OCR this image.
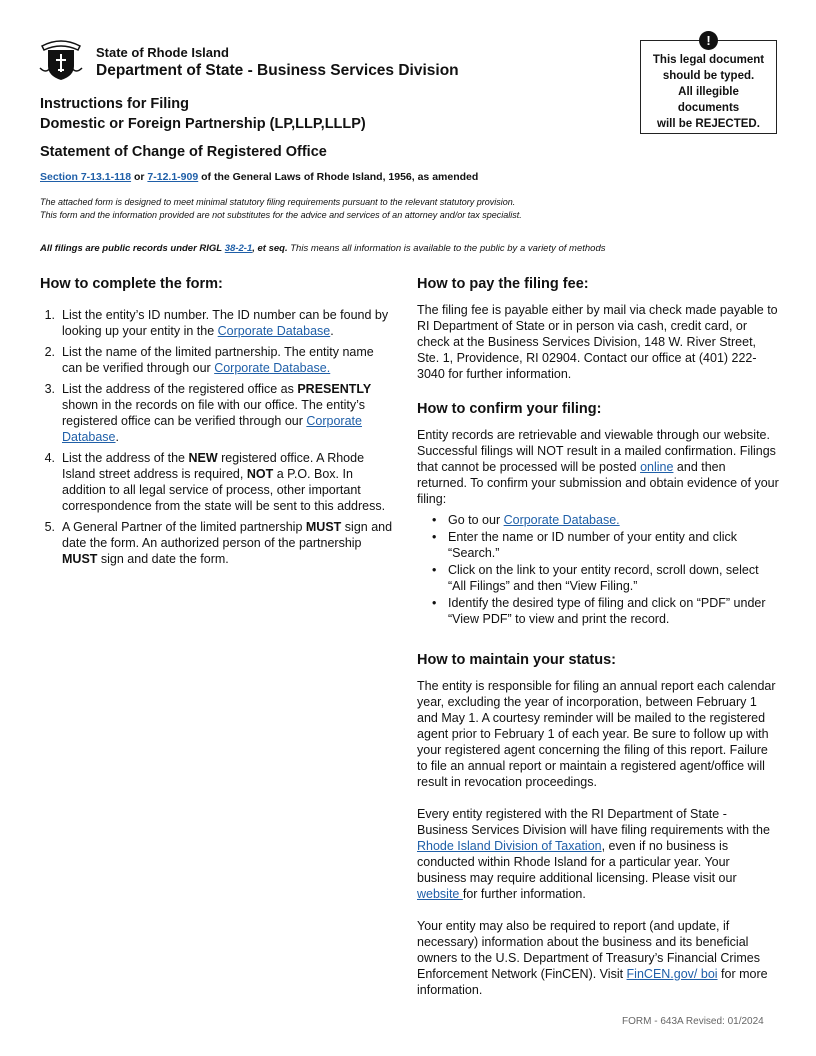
State of Rhode Island
Department of State - Business Services Division
!
This legal document
should be typed.
All illegible
documents
will be REJECTED.
Instructions for Filing
Domestic or Foreign Partnership (LP,LLP,LLLP)
Statement of Change of Registered Office
Section 7-13.1-118 or 7-12.1-909 of the General Laws of Rhode Island, 1956, as amended
The attached form is designed to meet minimal statutory filing requirements pursuant to the relevant statutory provision.
This form and the information provided are not substitutes for the advice and services of an attorney and/or tax specialist.
All filings are public records under RIGL 38-2-1, et seq. This means all information is available to the public by a variety of methods
How to complete the form:
1. List the entity’s ID number. The ID number can be found by looking up your entity in the Corporate Database.
2. List the name of the limited partnership. The entity name can be verified through our Corporate Database.
3. List the address of the registered office as PRESENTLY shown in the records on file with our office. The entity’s registered office can be verified through our Corporate Database.
4. List the address of the NEW registered office. A Rhode Island street address is required, NOT a P.O. Box. In addition to all legal service of process, other important correspondence from the state will be sent to this address.
5. A General Partner of the limited partnership MUST sign and date the form. An authorized person of the partnership MUST sign and date the form.
How to pay the filing fee:
The filing fee is payable either by mail via check made payable to RI Department of State or in person via cash, credit card, or check at the Business Services Division, 148 W. River Street, Ste. 1, Providence, RI 02904. Contact our office at (401) 222-3040 for further information.
How to confirm your filing:
Entity records are retrievable and viewable through our website. Successful filings will NOT result in a mailed confirmation. Filings that cannot be processed will be posted online and then returned. To confirm your submission and obtain evidence of your filing:
• Go to our Corporate Database.
• Enter the name or ID number of your entity and click “Search.”
• Click on the link to your entity record, scroll down, select “All Filings” and then “View Filing.”
• Identify the desired type of filing and click on “PDF” under “View PDF” to view and print the record.
How to maintain your status:
The entity is responsible for filing an annual report each calendar year, excluding the year of incorporation, between February 1 and May 1. A courtesy reminder will be mailed to the registered agent prior to February 1 of each year. Be sure to follow up with your registered agent concerning the filing of this report. Failure to file an annual report or maintain a registered agent/office will result in revocation proceedings.
Every entity registered with the RI Department of State - Business Services Division will have filing requirements with the Rhode Island Division of Taxation, even if no business is conducted within Rhode Island for a particular year. Your business may require additional licensing. Please visit our website for further information.
Your entity may also be required to report (and update, if necessary) information about the business and its beneficial owners to the U.S. Department of Treasury’s Financial Crimes Enforcement Network (FinCEN). Visit FinCEN.gov/ boi for more information.
FORM - 643A Revised: 01/2024
